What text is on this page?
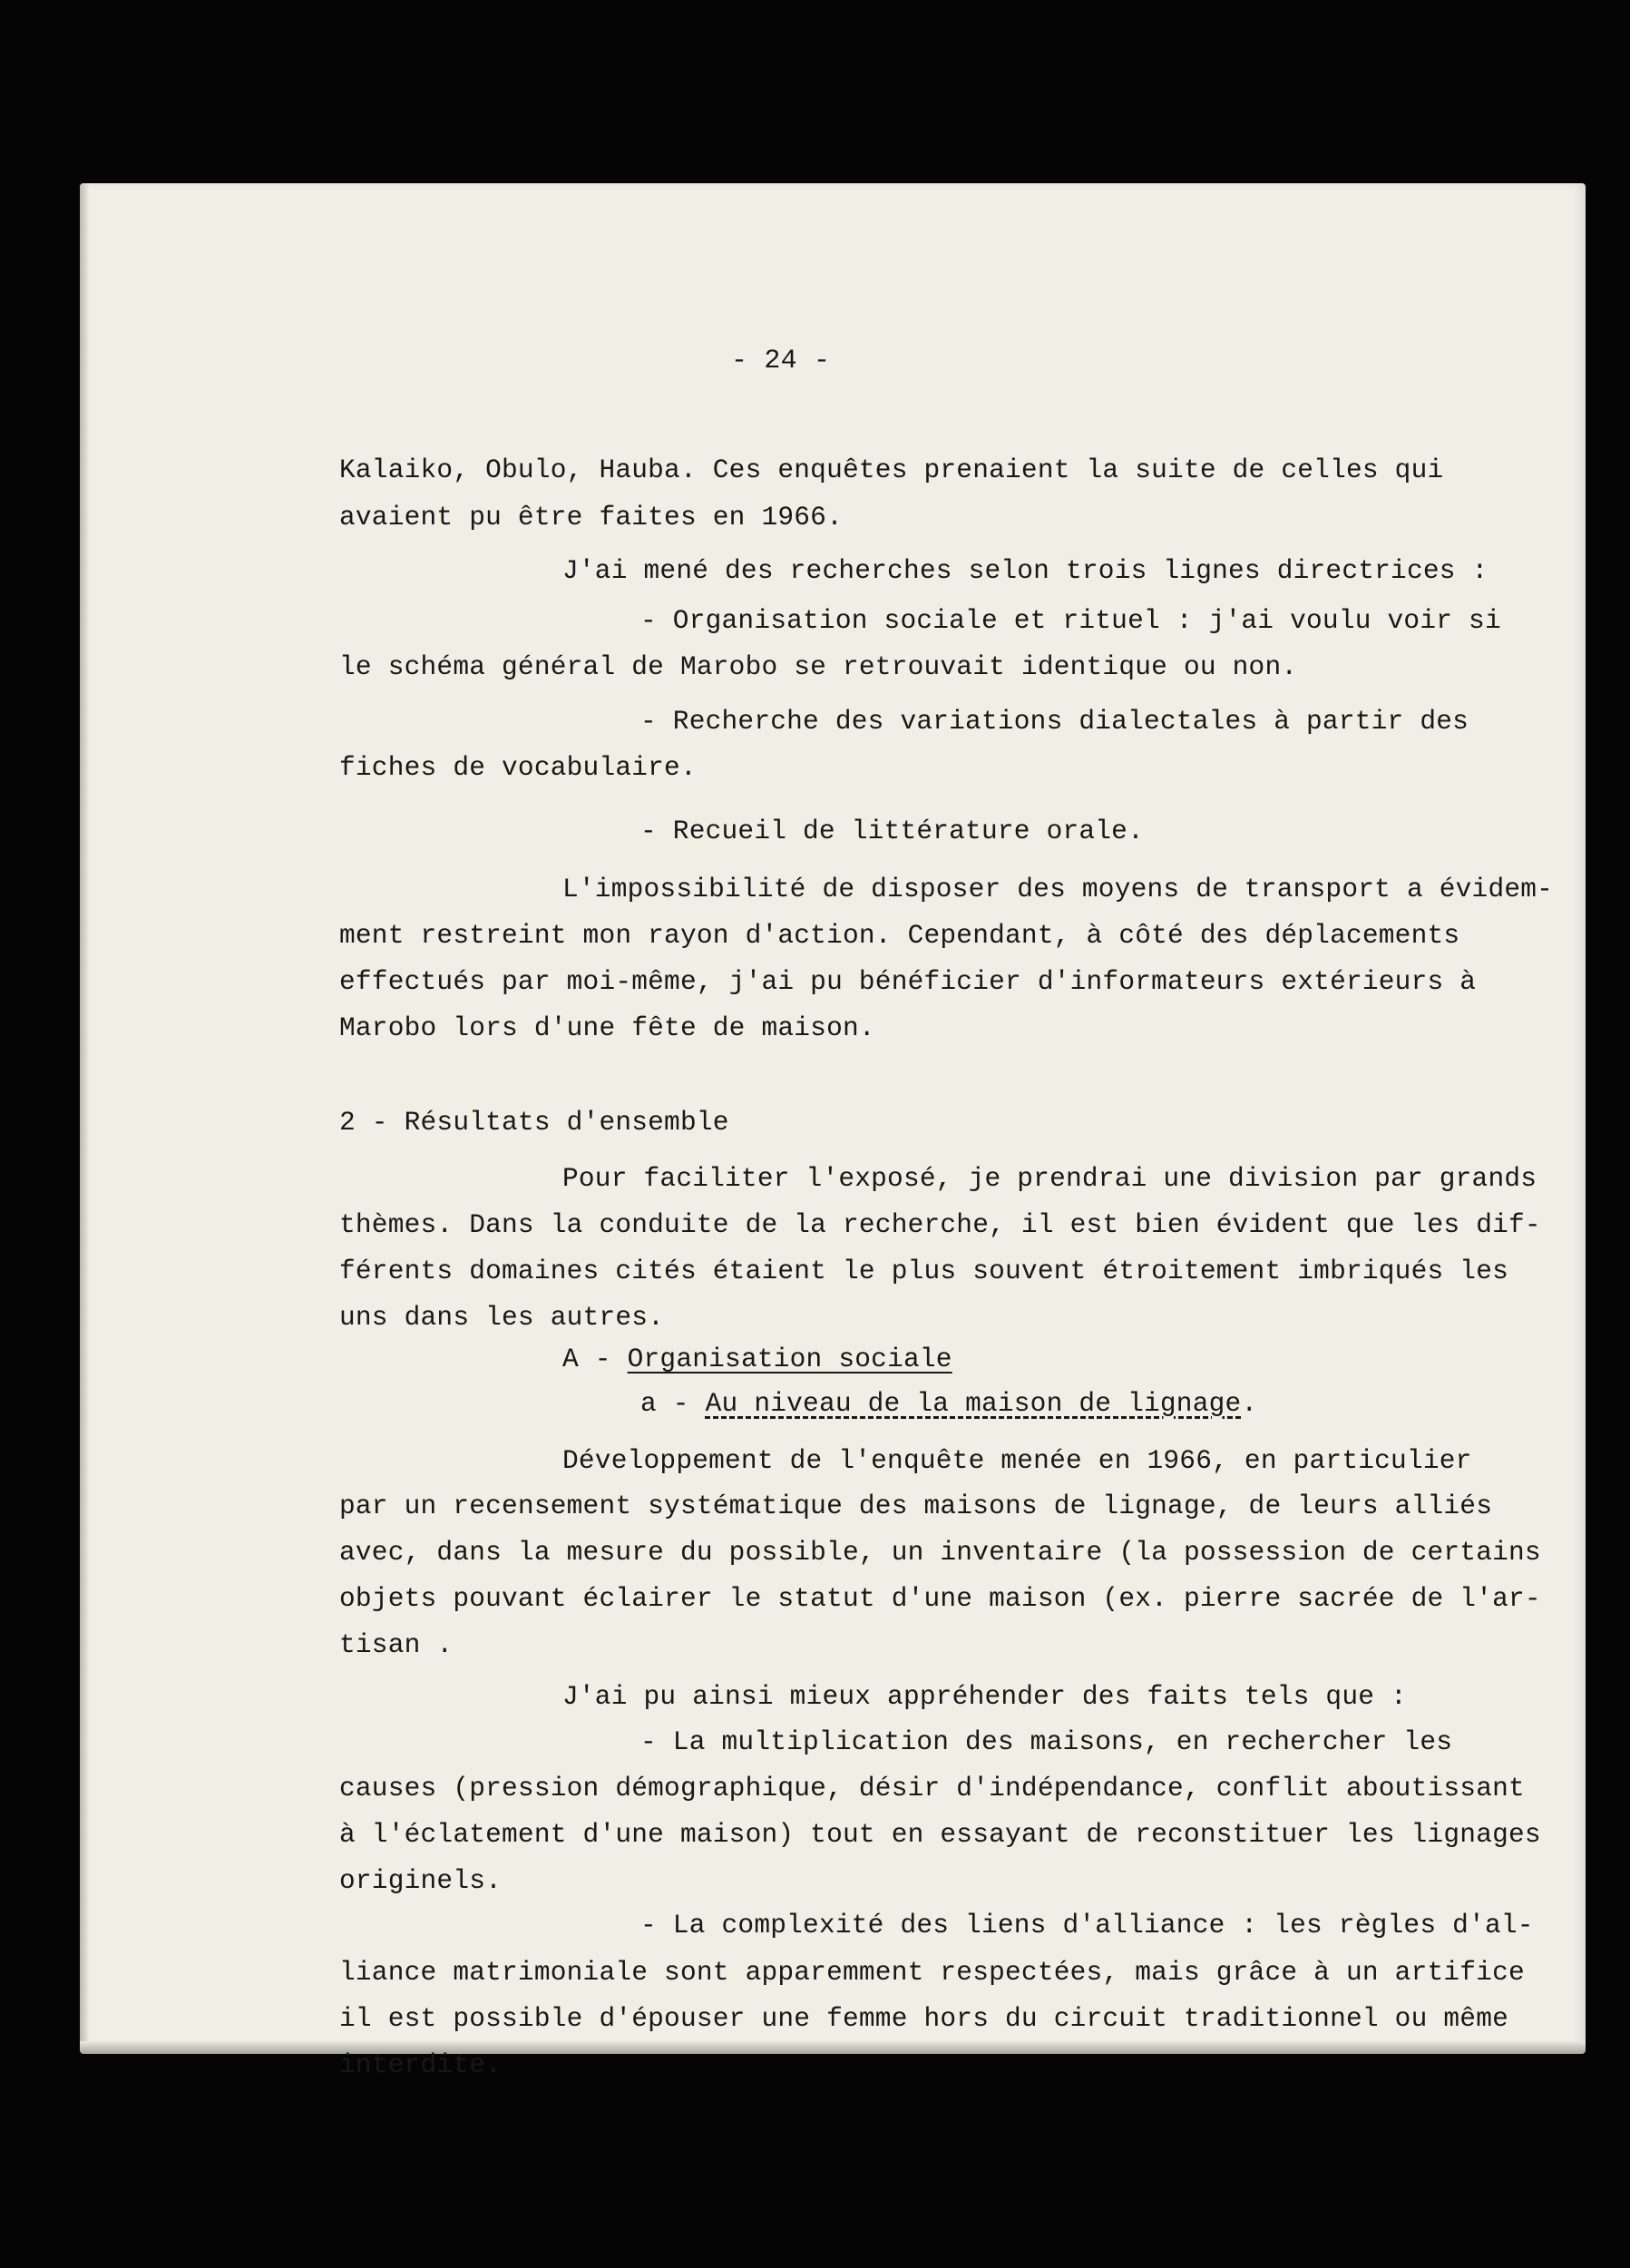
- 24 -

Kalaiko, Obulo, Hauba. Ces enquêtes prenaient la suite de celles qui

avaient pu être faites en 1966.

J'ai mené des recherches selon trois lignes directrices :

- Organisation sociale et rituel : j'ai voulu voir si

le schéma général de Marobo se retrouvait identique ou non.

- Recherche des variations dialectales à partir des

fiches de vocabulaire.

- Recueil de littérature orale.

L'impossibilité de disposer des moyens de transport a évidem-

ment restreint mon rayon d'action. Cependant, à côté des déplacements

effectués par moi-même, j'ai pu bénéficier d'informateurs extérieurs à

Marobo lors d'une fête de maison.

2 - Résultats d'ensemble

Pour faciliter l'exposé, je prendrai une division par grands

thèmes. Dans la conduite de la recherche, il est bien évident que les dif-

férents domaines cités étaient le plus souvent étroitement imbriqués les

uns dans les autres.

A - Organisation sociale

a - Au niveau de la maison de lignage.

Développement de l'enquête menée en 1966, en particulier

par un recensement systématique des maisons de lignage, de leurs alliés

avec, dans la mesure du possible, un inventaire (la possession de certains

objets pouvant éclairer le statut d'une maison (ex. pierre sacrée de l'ar-

tisan .

J'ai pu ainsi mieux appréhender des faits tels que :

- La multiplication des maisons, en rechercher les

causes (pression démographique, désir d'indépendance, conflit aboutissant

à l'éclatement d'une maison) tout en essayant de reconstituer les lignages

originels.

- La complexité des liens d'alliance : les règles d'al-

liance matrimoniale sont apparemment respectées, mais grâce à un artifice

il est possible d'épouser une femme hors du circuit traditionnel ou même

interdite.
